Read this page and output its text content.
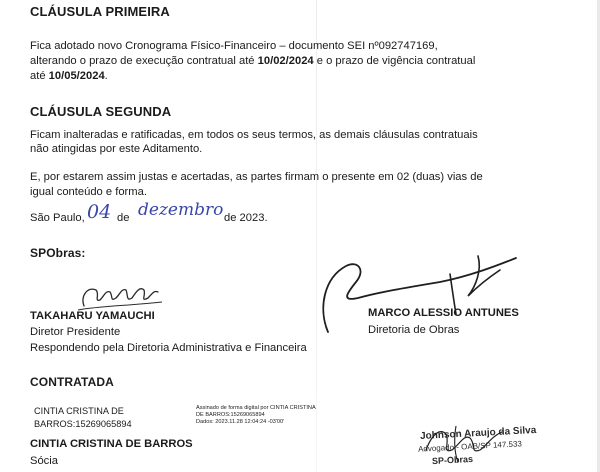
CLÁUSULA PRIMEIRA
Fica adotado novo Cronograma Físico-Financeiro – documento SEI nº092747169,
alterando o prazo de execução contratual até 10/02/2024 e o prazo de vigência contratual
até 10/05/2024.
CLÁUSULA SEGUNDA
Ficam inalteradas e ratificadas, em todos os seus termos, as demais cláusulas contratuais
não atingidas por este Aditamento.
E, por estarem assim justas e acertadas, as partes firmam o presente em 02 (duas) vias de
igual conteúdo e forma.
São Paulo, 04 de dezembro de 2023.
SPObras:
TAKAHARU YAMAUCHI
Diretor Presidente
Respondendo pela Diretoria Administrativa e Financeira
MARCO ALESSIO ANTUNES
Diretoria de Obras
CONTRATADA
CINTIA CRISTINA DE
BARROS:15269065894
Assinado de forma digital por CINTIA CRISTINA
DE BARROS:15269065894
Dados: 2023.11.28 12:04:24 -03'00'
CINTIA CRISTINA DE BARROS
Sócia
Johnson Araujo da Silva
Advogado - OAB/SP 147.533
SP-Obras
